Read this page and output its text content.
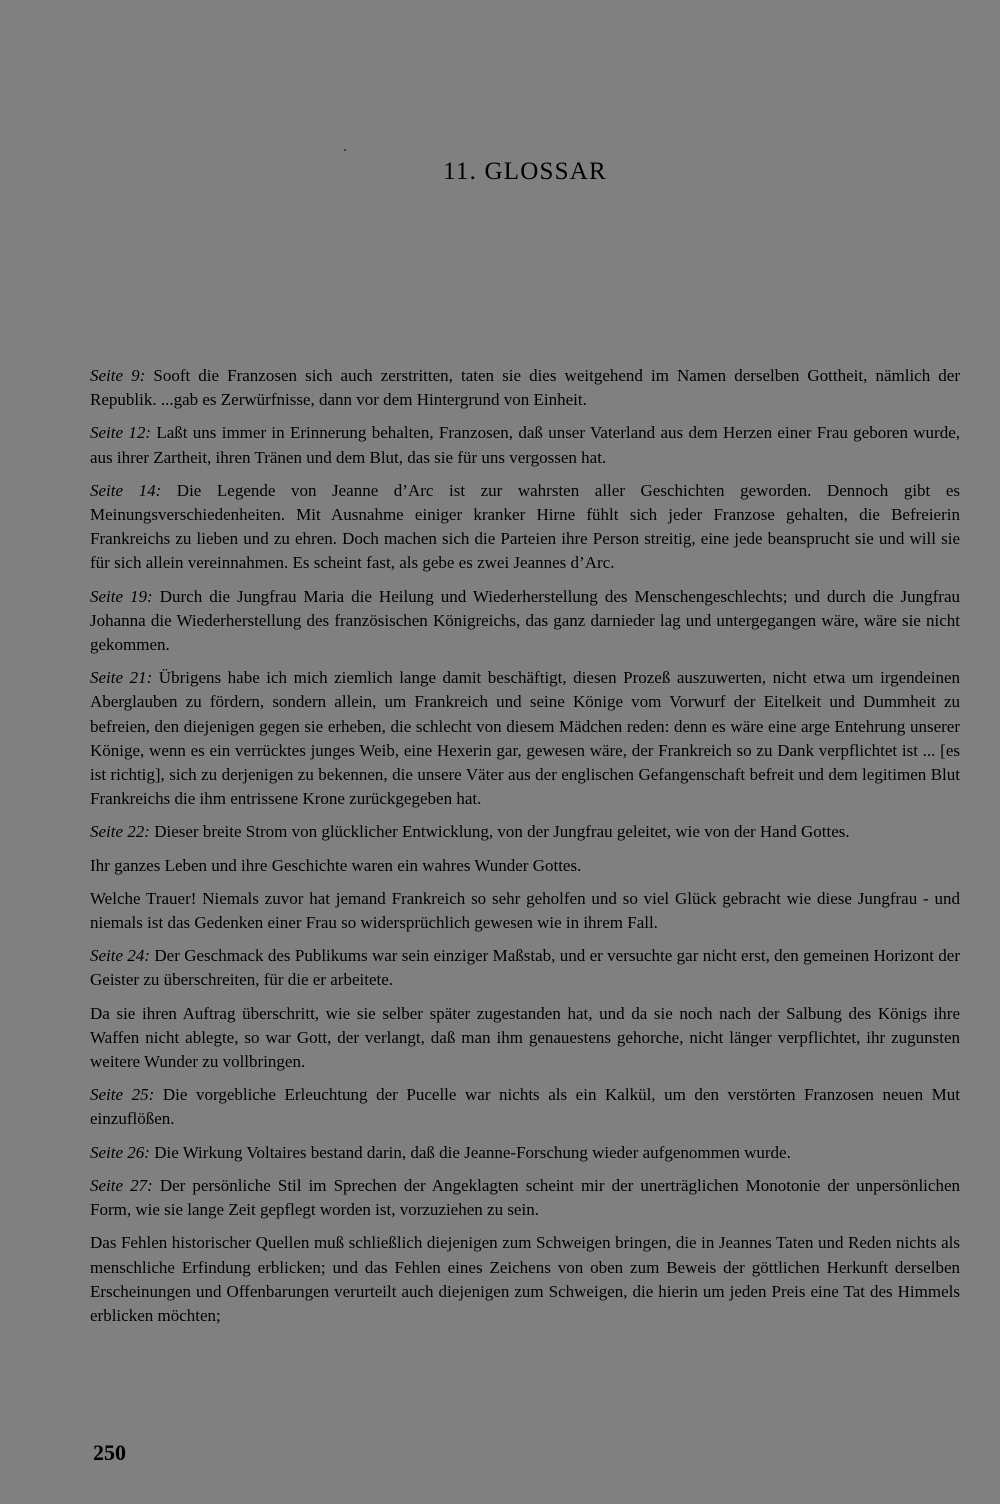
11. GLOSSAR

Seite 9: Sooft die Franzosen sich auch zerstritten, taten sie dies weitgehend im Namen derselben Gottheit, nämlich der Republik. ...gab es Zerwürfnisse, dann vor dem Hintergrund von Einheit.

Seite 12: Laßt uns immer in Erinnerung behalten, Franzosen, daß unser Vaterland aus dem Herzen einer Frau geboren wurde, aus ihrer Zartheit, ihren Tränen und dem Blut, das sie für uns vergossen hat.

Seite 14: Die Legende von Jeanne d’Arc ist zur wahrsten aller Geschichten geworden. Dennoch gibt es Meinungsverschiedenheiten. Mit Ausnahme einiger kranker Hirne fühlt sich jeder Franzose gehalten, die Befreierin Frankreichs zu lieben und zu ehren. Doch machen sich die Parteien ihre Person streitig, eine jede beansprucht sie und will sie für sich allein vereinnahmen. Es scheint fast, als gebe es zwei Jeannes d’Arc.

Seite 19: Durch die Jungfrau Maria die Heilung und Wiederherstellung des Menschengeschlechts; und durch die Jungfrau Johanna die Wiederherstellung des französischen Königreichs, das ganz darnieder lag und untergegangen wäre, wäre sie nicht gekommen.

Seite 21: Übrigens habe ich mich ziemlich lange damit beschäftigt, diesen Prozeß auszuwerten, nicht etwa um irgendeinen Aberglauben zu fördern, sondern allein, um Frankreich und seine Könige vom Vorwurf der Eitelkeit und Dummheit zu befreien, den diejenigen gegen sie erheben, die schlecht von diesem Mädchen reden: denn es wäre eine arge Entehrung unserer Könige, wenn es ein verrücktes junges Weib, eine Hexerin gar, gewesen wäre, der Frankreich so zu Dank verpflichtet ist ... [es ist richtig], sich zu derjenigen zu bekennen, die unsere Väter aus der englischen Gefangenschaft befreit und dem legitimen Blut Frankreichs die ihm entrissene Krone zurückgegeben hat.

Seite 22: Dieser breite Strom von glücklicher Entwicklung, von der Jungfrau geleitet, wie von der Hand Gottes.

Ihr ganzes Leben und ihre Geschichte waren ein wahres Wunder Gottes.

Welche Trauer! Niemals zuvor hat jemand Frankreich so sehr geholfen und so viel Glück gebracht wie diese Jungfrau - und niemals ist das Gedenken einer Frau so widersprüchlich gewesen wie in ihrem Fall.

Seite 24: Der Geschmack des Publikums war sein einziger Maßstab, und er versuchte gar nicht erst, den gemeinen Horizont der Geister zu überschreiten, für die er arbeitete.

Da sie ihren Auftrag überschritt, wie sie selber später zugestanden hat, und da sie noch nach der Salbung des Königs ihre Waffen nicht ablegte, so war Gott, der verlangt, daß man ihm genauestens gehorche, nicht länger verpflichtet, ihr zugunsten weitere Wunder zu vollbringen.

Seite 25: Die vorgebliche Erleuchtung der Pucelle war nichts als ein Kalkül, um den verstörten Franzosen neuen Mut einzuflößen.

Seite 26: Die Wirkung Voltaires bestand darin, daß die Jeanne-Forschung wieder aufgenommen wurde.

Seite 27: Der persönliche Stil im Sprechen der Angeklagten scheint mir der unerträglichen Monotonie der unpersönlichen Form, wie sie lange Zeit gepflegt worden ist, vorzuziehen zu sein.

Das Fehlen historischer Quellen muß schließlich diejenigen zum Schweigen bringen, die in Jeannes Taten und Reden nichts als menschliche Erfindung erblicken; und das Fehlen eines Zeichens von oben zum Beweis der göttlichen Herkunft derselben Erscheinungen und Offenbarungen verurteilt auch diejenigen zum Schweigen, die hierin um jeden Preis eine Tat des Himmels erblicken möchten;

250
